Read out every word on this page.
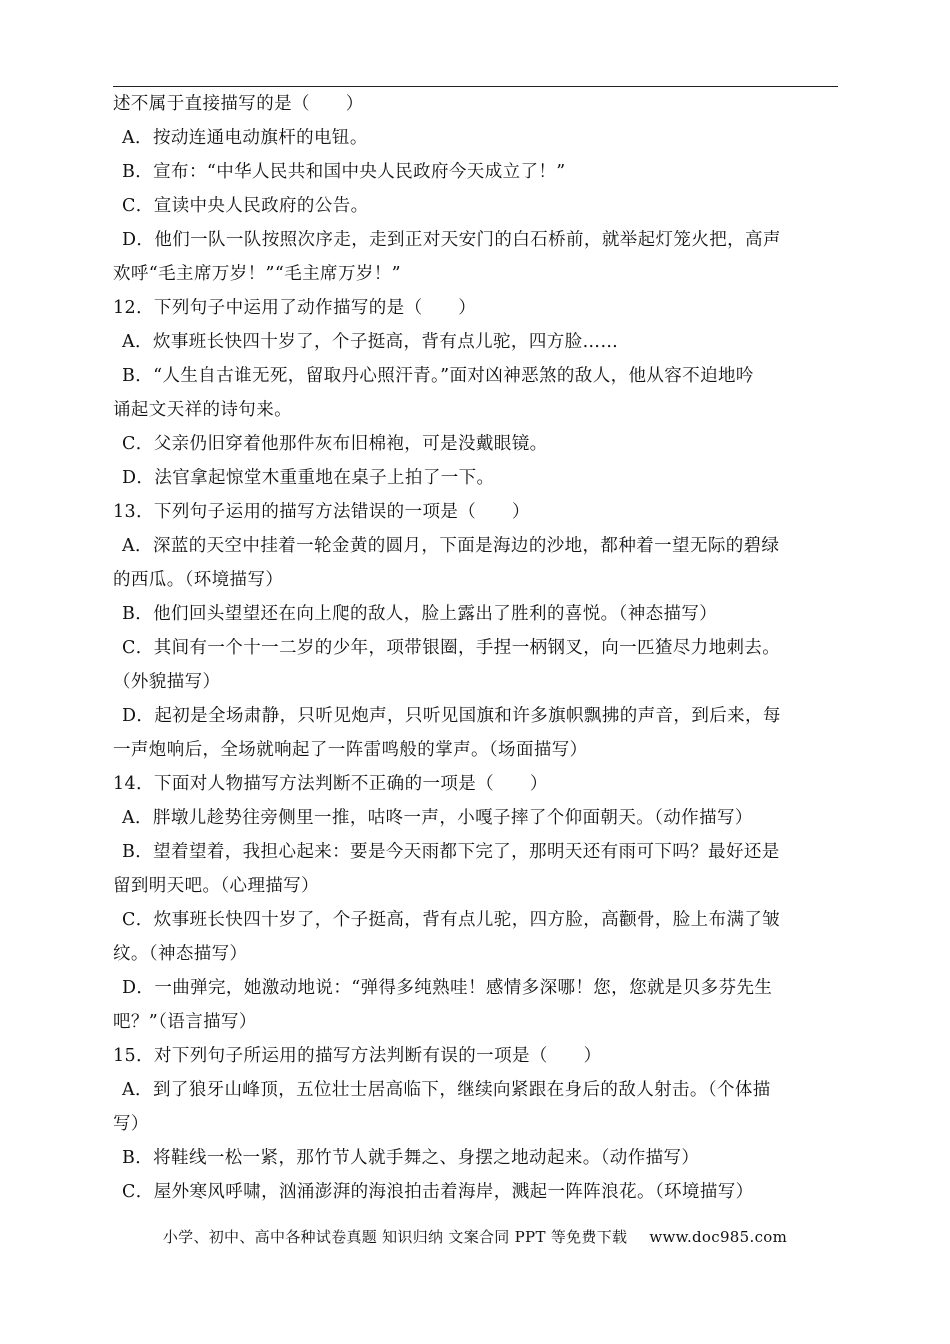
述不属于直接描写的是（　　）
A．按动连通电动旗杆的电钮。
B．宣布：“中华人民共和国中央人民政府今天成立了！”
C．宣读中央人民政府的公告。
D．他们一队一队按照次序走，走到正对天安门的白石桥前，就举起灯笼火把，高声
欢呼“毛主席万岁！”“毛主席万岁！”
12．下列句子中运用了动作描写的是（　　）
A．炊事班长快四十岁了，个子挺高，背有点儿驼，四方脸……
B．“人生自古谁无死，留取丹心照汗青。”面对凶神恶煞的敌人，他从容不迫地吟
诵起文天祥的诗句来。
C．父亲仍旧穿着他那件灰布旧棉袍，可是没戴眼镜。
D．法官拿起惊堂木重重地在桌子上拍了一下。
13．下列句子运用的描写方法错误的一项是（　　）
A．深蓝的天空中挂着一轮金黄的圆月，下面是海边的沙地，都种着一望无际的碧绿
的西瓜。（环境描写）
B．他们回头望望还在向上爬的敌人，脸上露出了胜利的喜悦。（神态描写）
C．其间有一个十一二岁的少年，项带银圈，手捏一柄钢叉，向一匹猹尽力地刺去。
（外貌描写）
D．起初是全场肃静，只听见炮声，只听见国旗和许多旗帜飘拂的声音，到后来，每
一声炮响后，全场就响起了一阵雷鸣般的掌声。（场面描写）
14．下面对人物描写方法判断不正确的一项是（　　）
A．胖墩儿趁势往旁侧里一推，咕咚一声，小嘎子摔了个仰面朝天。（动作描写）
B．望着望着，我担心起来：要是今天雨都下完了，那明天还有雨可下吗？最好还是
留到明天吧。（心理描写）
C．炊事班长快四十岁了，个子挺高，背有点儿驼，四方脸，高颧骨，脸上布满了皱
纹。（神态描写）
D．一曲弹完，她激动地说：“弹得多纯熟哇！感情多深哪！您，您就是贝多芬先生
吧？”（语言描写）
15．对下列句子所运用的描写方法判断有误的一项是（　　）
A．到了狼牙山峰顶，五位壮士居高临下，继续向紧跟在身后的敌人射击。（个体描
写）
B．将鞋线一松一紧，那竹节人就手舞之、身摆之地动起来。（动作描写）
C．屋外寒风呼啸，汹涌澎湃的海浪拍击着海岸，溅起一阵阵浪花。（环境描写）
小学、初中、高中各种试卷真题 知识归纳 文案合同 PPT 等免费下载 www.doc985.com
